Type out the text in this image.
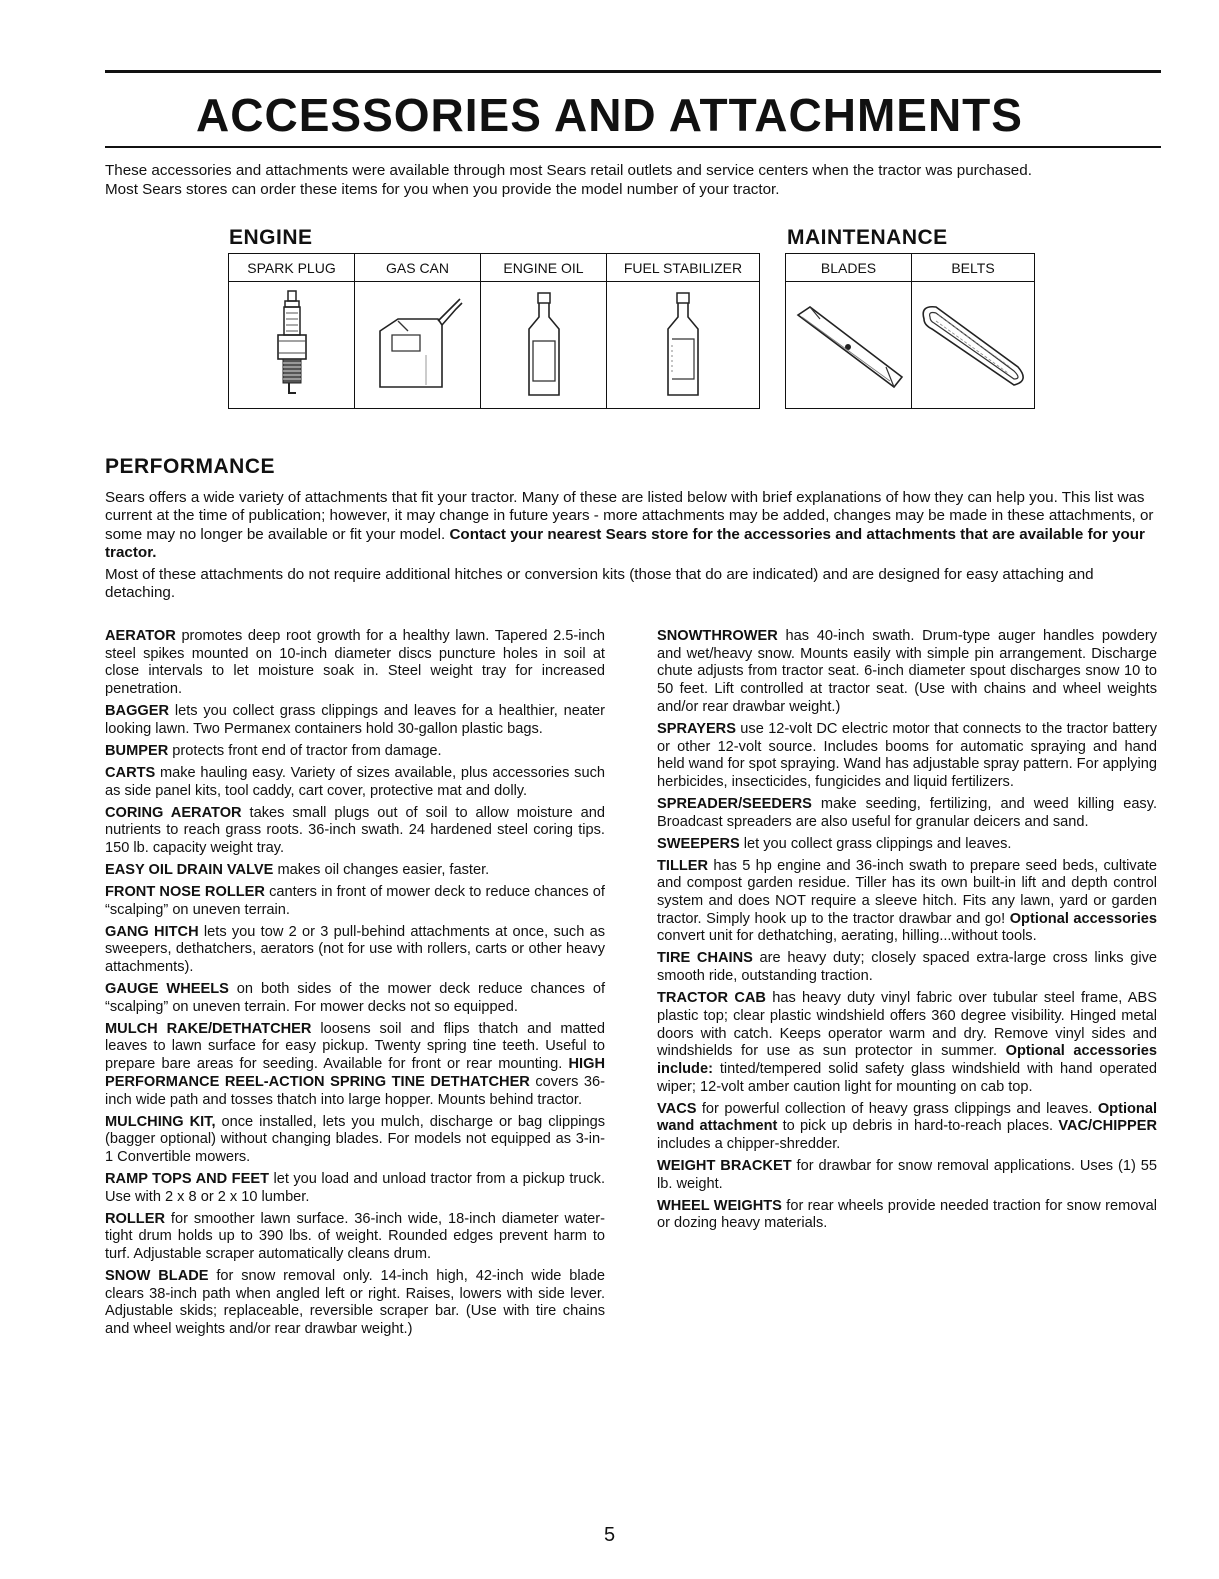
ACCESSORIES AND ATTACHMENTS

These accessories and attachments were available through most Sears retail outlets and service centers when the tractor was purchased.

Most Sears stores can order these items for you when you provide the model number of your tractor.

ENGINE
SPARK PLUG	GAS CAN	ENGINE OIL	FUEL STABILIZER

MAINTENANCE
BLADES	BELTS

PERFORMANCE

Sears offers a wide variety of attachments that fit your tractor. Many of these are listed below with brief explanations of how they can help you. This list was current at the time of publication; however, it may change in future years - more attachments may be added, changes may be made in these attachments, or some may no longer be available or fit your model. Contact your nearest Sears store for the accessories and attachments that are available for your tractor.

Most of these attachments do not require additional hitches or conversion kits (those that do are indicated) and are designed for easy attaching and detaching.

AERATOR promotes deep root growth for a healthy lawn. Tapered 2.5-inch steel spikes mounted on 10-inch diameter discs puncture holes in soil at close intervals to let moisture soak in. Steel weight tray for increased penetration.

BAGGER lets you collect grass clippings and leaves for a healthier, neater looking lawn. Two Permanex containers hold 30-gallon plastic bags.

BUMPER protects front end of tractor from damage.

CARTS make hauling easy. Variety of sizes available, plus accessories such as side panel kits, tool caddy, cart cover, protective mat and dolly.

CORING AERATOR takes small plugs out of soil to allow moisture and nutrients to reach grass roots. 36-inch swath. 24 hardened steel coring tips. 150 lb. capacity weight tray.

EASY OIL DRAIN VALVE makes oil changes easier, faster.

FRONT NOSE ROLLER canters in front of mower deck to reduce chances of “scalping” on uneven terrain.

GANG HITCH lets you tow 2 or 3 pull-behind attachments at once, such as sweepers, dethatchers, aerators (not for use with rollers, carts or other heavy attachments).

GAUGE WHEELS on both sides of the mower deck reduce chances of “scalping” on uneven terrain. For mower decks not so equipped.

MULCH RAKE/DETHATCHER loosens soil and flips thatch and matted leaves to lawn surface for easy pickup. Twenty spring tine teeth. Useful to prepare bare areas for seeding. Available for front or rear mounting. HIGH PERFORMANCE REEL-ACTION SPRING TINE DETHATCHER covers 36-inch wide path and tosses thatch into large hopper. Mounts behind tractor.

MULCHING KIT, once installed, lets you mulch, discharge or bag clippings (bagger optional) without changing blades. For models not equipped as 3-in-1 Convertible mowers.

RAMP TOPS AND FEET let you load and unload tractor from a pickup truck. Use with 2 x 8 or 2 x 10 lumber.

ROLLER for smoother lawn surface. 36-inch wide, 18-inch diameter water-tight drum holds up to 390 lbs. of weight. Rounded edges prevent harm to turf. Adjustable scraper automatically cleans drum.

SNOW BLADE for snow removal only. 14-inch high, 42-inch wide blade clears 38-inch path when angled left or right. Raises, lowers with side lever. Adjustable skids; replaceable, reversible scraper bar. (Use with tire chains and wheel weights and/or rear drawbar weight.)

SNOWTHROWER has 40-inch swath. Drum-type auger handles powdery and wet/heavy snow. Mounts easily with simple pin arrangement. Discharge chute adjusts from tractor seat. 6-inch diameter spout discharges snow 10 to 50 feet. Lift controlled at tractor seat. (Use with chains and wheel weights and/or rear drawbar weight.)

SPRAYERS use 12-volt DC electric motor that connects to the tractor battery or other 12-volt source. Includes booms for automatic spraying and hand held wand for spot spraying. Wand has adjustable spray pattern. For applying herbicides, insecticides, fungicides and liquid fertilizers.

SPREADER/SEEDERS make seeding, fertilizing, and weed killing easy. Broadcast spreaders are also useful for granular deicers and sand.

SWEEPERS let you collect grass clippings and leaves.

TILLER has 5 hp engine and 36-inch swath to prepare seed beds, cultivate and compost garden residue. Tiller has its own built-in lift and depth control system and does NOT require a sleeve hitch. Fits any lawn, yard or garden tractor. Simply hook up to the tractor drawbar and go! Optional accessories convert unit for dethatching, aerating, hilling...without tools.

TIRE CHAINS are heavy duty; closely spaced extra-large cross links give smooth ride, outstanding traction.

TRACTOR CAB has heavy duty vinyl fabric over tubular steel frame, ABS plastic top; clear plastic windshield offers 360 degree visibility. Hinged metal doors with catch. Keeps operator warm and dry. Remove vinyl sides and windshields for use as sun protector in summer. Optional accessories include: tinted/tempered solid safety glass windshield with hand operated wiper; 12-volt amber caution light for mounting on cab top.

VACS for powerful collection of heavy grass clippings and leaves. Optional wand attachment to pick up debris in hard-to-reach places. VAC/CHIPPER includes a chipper-shredder.

WEIGHT BRACKET for drawbar for snow removal applications. Uses (1) 55 lb. weight.

WHEEL WEIGHTS for rear wheels provide needed traction for snow removal or dozing heavy materials.

5
